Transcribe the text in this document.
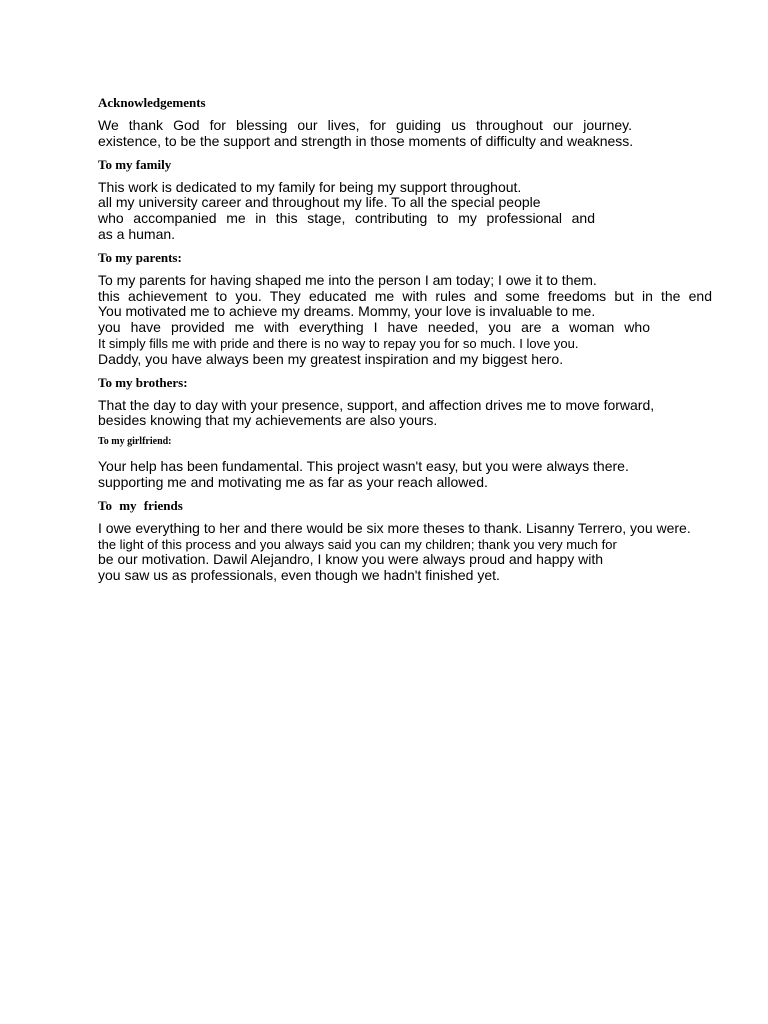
Acknowledgements

We thank God for blessing our lives, for guiding us throughout our journey.
existence, to be the support and strength in those moments of difficulty and weakness.

To my family

This work is dedicated to my family for being my support throughout.
all my university career and throughout my life. To all the special people
who accompanied me in this stage, contributing to my professional and
as a human.

To my parents:

To my parents for having shaped me into the person I am today; I owe it to them.
this achievement to you. They educated me with rules and some freedoms but in the end
You motivated me to achieve my dreams. Mommy, your love is invaluable to me.
you have provided me with everything I have needed, you are a woman who
It simply fills me with pride and there is no way to repay you for so much. I love you.
Daddy, you have always been my greatest inspiration and my biggest hero.

To my brothers:

That the day to day with your presence, support, and affection drives me to move forward,
besides knowing that my achievements are also yours.

To my girlfriend:

Your help has been fundamental. This project wasn't easy, but you were always there.
supporting me and motivating me as far as your reach allowed.

To my friends

I owe everything to her and there would be six more theses to thank. Lisanny Terrero, you were.
the light of this process and you always said you can my children; thank you very much for
be our motivation. Dawil Alejandro, I know you were always proud and happy with
you saw us as professionals, even though we hadn't finished yet.
